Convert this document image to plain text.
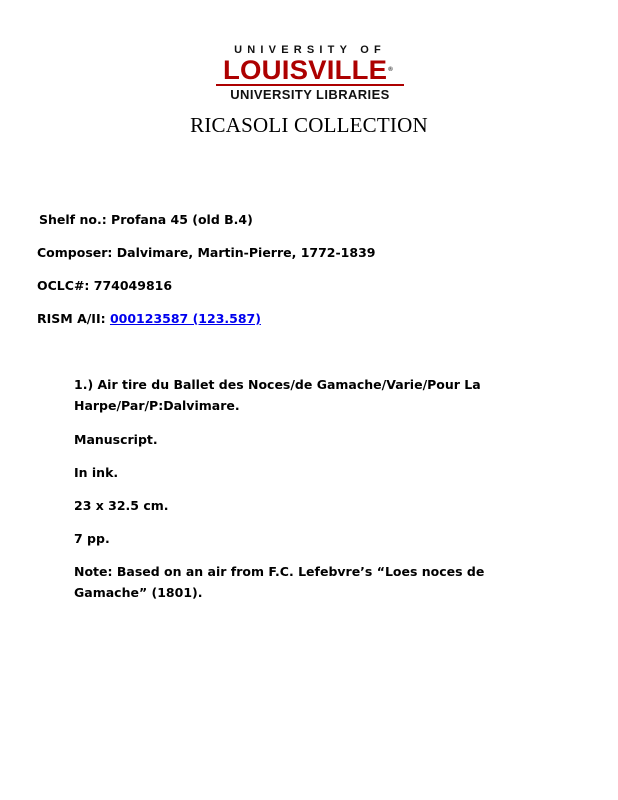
UNIVERSITY OF
LOUISVILLE®
UNIVERSITY LIBRARIES
RICASOLI COLLECTION
Shelf no.: Profana 45 (old B.4)
Composer: Dalvimare, Martin-Pierre, 1772-1839
OCLC#: 774049816
RISM A/II: 000123587 (123.587)
1.) Air tire du Ballet des Noces/de Gamache/Varie/Pour La Harpe/Par/P:Dalvimare.
Manuscript.
In ink.
23 x 32.5 cm.
7 pp.
Note: Based on an air from F.C. Lefebvre’s “Loes noces de Gamache” (1801).
